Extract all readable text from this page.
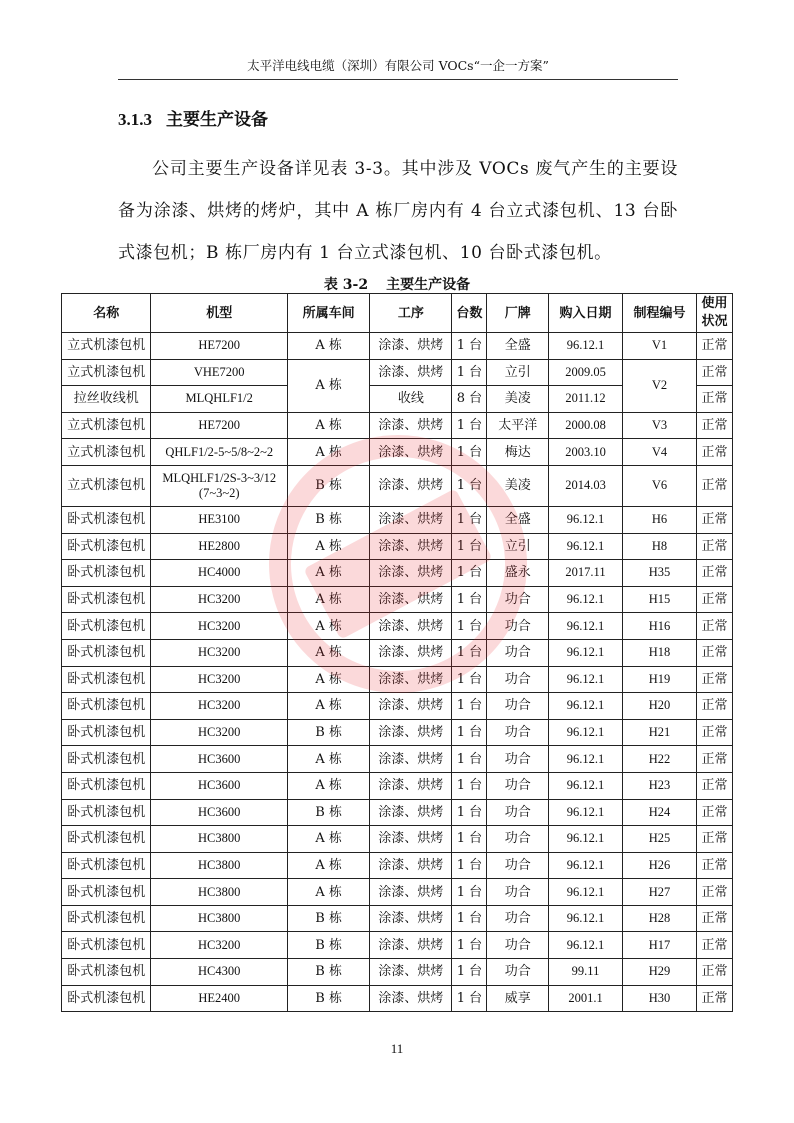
太平洋电线电缆（深圳）有限公司 VOCs“一企一方案”
3.1.3 主要生产设备
公司主要生产设备详见表 3-3。其中涉及 VOCs 废气产生的主要设备为涂漆、烘烤的烤炉，其中 A 栋厂房内有 4 台立式漆包机、13 台卧式漆包机；B 栋厂房内有 1 台立式漆包机、10 台卧式漆包机。
表 3-2 主要生产设备
名称	机型	所属车间	工序	台数	厂牌	购入日期	制程编号	使用状况
立式机漆包机	HE7200	A 栋	涂漆、烘烤	1 台	全盛	96.12.1	V1	正常
立式机漆包机	VHE7200	A 栋	涂漆、烘烤	1 台	立引	2009.05	V2	正常
拉丝收线机	MLQHLF1/2		收线	8 台	美凌	2011.12		正常
立式机漆包机	HE7200	A 栋	涂漆、烘烤	1 台	太平洋	2000.08	V3	正常
立式机漆包机	QHLF1/2-5~5/8~2~2	A 栋	涂漆、烘烤	1 台	梅达	2003.10	V4	正常
立式机漆包机	MLQHLF1/2S-3~3/12 (7~3~2)	B 栋	涂漆、烘烤	1 台	美凌	2014.03	V6	正常
卧式机漆包机	HE3100	B 栋	涂漆、烘烤	1 台	全盛	96.12.1	H6	正常
卧式机漆包机	HE2800	A 栋	涂漆、烘烤	1 台	立引	96.12.1	H8	正常
卧式机漆包机	HC4000	A 栋	涂漆、烘烤	1 台	盛永	2017.11	H35	正常
卧式机漆包机	HC3200	A 栋	涂漆、烘烤	1 台	功合	96.12.1	H15	正常
卧式机漆包机	HC3200	A 栋	涂漆、烘烤	1 台	功合	96.12.1	H16	正常
卧式机漆包机	HC3200	A 栋	涂漆、烘烤	1 台	功合	96.12.1	H18	正常
卧式机漆包机	HC3200	A 栋	涂漆、烘烤	1 台	功合	96.12.1	H19	正常
卧式机漆包机	HC3200	A 栋	涂漆、烘烤	1 台	功合	96.12.1	H20	正常
卧式机漆包机	HC3200	B 栋	涂漆、烘烤	1 台	功合	96.12.1	H21	正常
卧式机漆包机	HC3600	A 栋	涂漆、烘烤	1 台	功合	96.12.1	H22	正常
卧式机漆包机	HC3600	A 栋	涂漆、烘烤	1 台	功合	96.12.1	H23	正常
卧式机漆包机	HC3600	B 栋	涂漆、烘烤	1 台	功合	96.12.1	H24	正常
卧式机漆包机	HC3800	A 栋	涂漆、烘烤	1 台	功合	96.12.1	H25	正常
卧式机漆包机	HC3800	A 栋	涂漆、烘烤	1 台	功合	96.12.1	H26	正常
卧式机漆包机	HC3800	A 栋	涂漆、烘烤	1 台	功合	96.12.1	H27	正常
卧式机漆包机	HC3800	B 栋	涂漆、烘烤	1 台	功合	96.12.1	H28	正常
卧式机漆包机	HC3200	B 栋	涂漆、烘烤	1 台	功合	96.12.1	H17	正常
卧式机漆包机	HC4300	B 栋	涂漆、烘烤	1 台	功合	99.11	H29	正常
卧式机漆包机	HE2400	B 栋	涂漆、烘烤	1 台	威享	2001.1	H30	正常
11
